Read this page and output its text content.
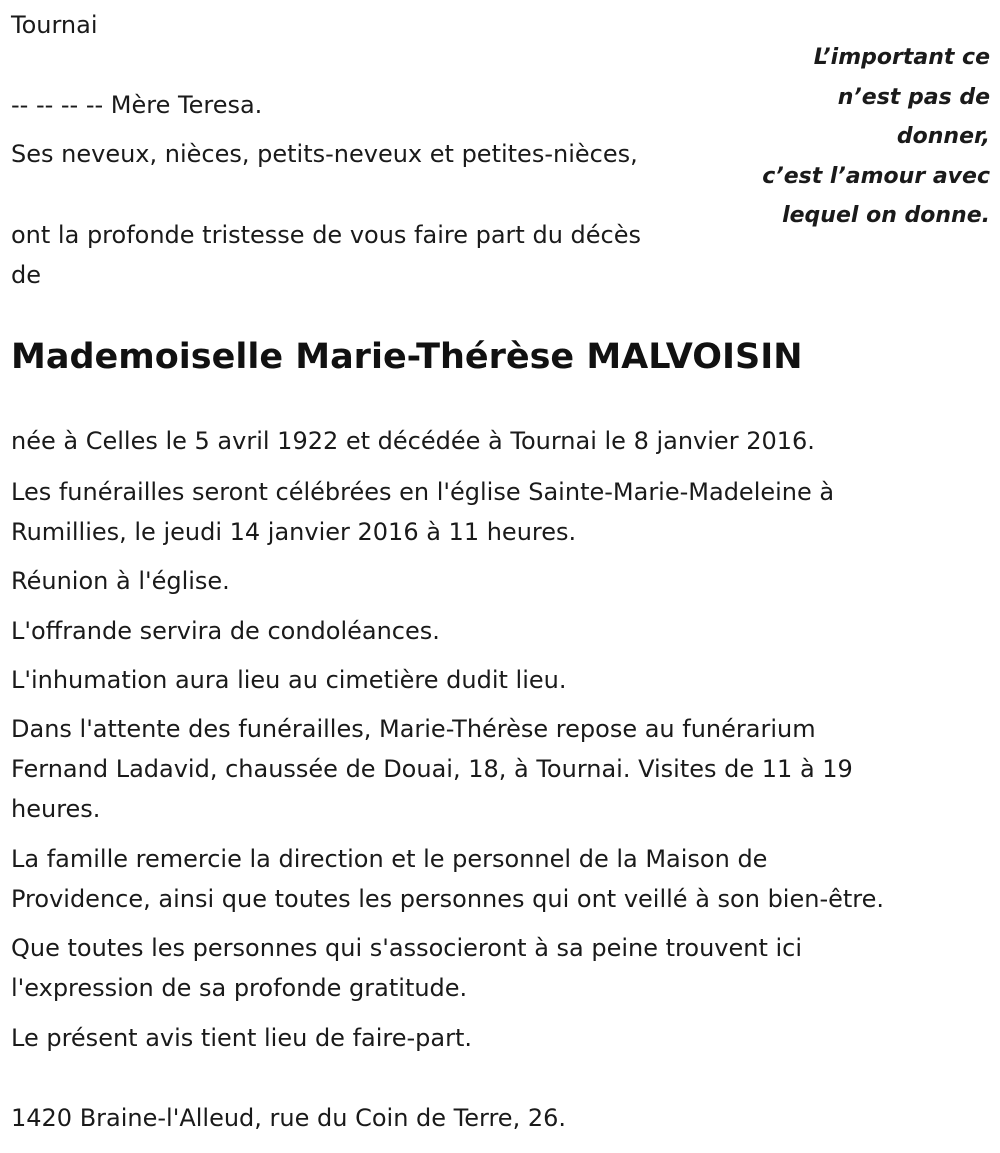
Tournai

L’important ce
n’est pas de
donner,
c’est l’amour avec
lequel on donne.

-- -- -- -- Mère Teresa.

Ses neveux, nièces, petits-neveux et petites-nièces,

ont la profonde tristesse de vous faire part du décès
de
Mademoiselle Marie-Thérèse MALVOISIN

née à Celles le 5 avril 1922 et décédée à Tournai le 8 janvier 2016.

Les funérailles seront célébrées en l'église Sainte-Marie-Madeleine à
Rumillies, le jeudi 14 janvier 2016 à 11 heures.

Réunion à l'église.

L'offrande servira de condoléances.

L'inhumation aura lieu au cimetière dudit lieu.

Dans l'attente des funérailles, Marie-Thérèse repose au funérarium
Fernand Ladavid, chaussée de Douai, 18, à Tournai. Visites de 11 à 19
heures.
La famille remercie la direction et le personnel de la Maison de
Providence, ainsi que toutes les personnes qui ont veillé à son bien-être.
Que toutes les personnes qui s'associeront à sa peine trouvent ici
l'expression de sa profonde gratitude.

Le présent avis tient lieu de faire-part.

1420 Braine-l'Alleud, rue du Coin de Terre, 26.
